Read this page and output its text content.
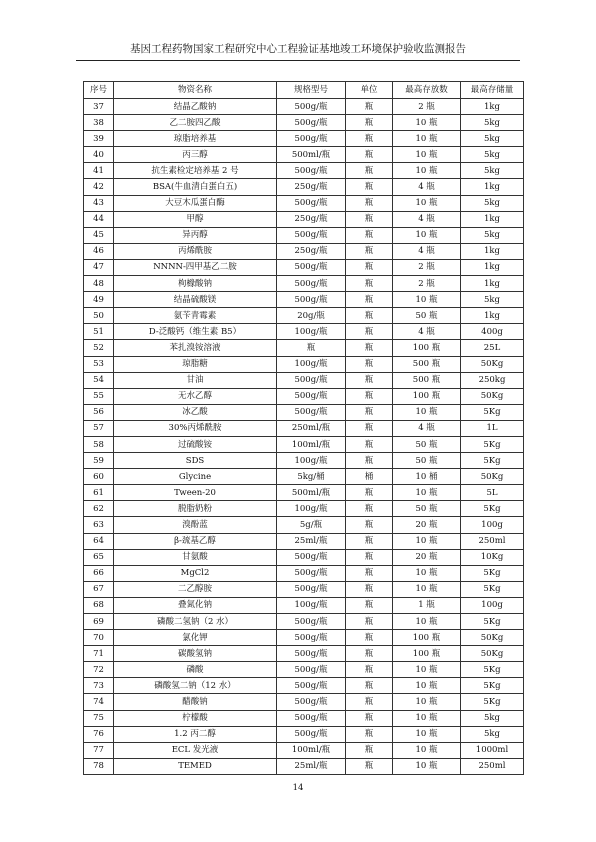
基因工程药物国家工程研究中心工程验证基地竣工环境保护验收监测报告
序号	物资名称	规格型号	单位	最高存放数	最高存储量
37	结晶乙酸钠	500g/瓶	瓶	2 瓶	1kg
38	乙二胺四乙酸	500g/瓶	瓶	10 瓶	5kg
39	琼脂培养基	500g/瓶	瓶	10 瓶	5kg
40	丙三醇	500ml/瓶	瓶	10 瓶	5kg
41	抗生素检定培养基 2 号	500g/瓶	瓶	10 瓶	5kg
42	BSA(牛血清白蛋白五)	250g/瓶	瓶	4 瓶	1kg
43	大豆木瓜蛋白酶	500g/瓶	瓶	10 瓶	5kg
44	甲醇	250g/瓶	瓶	4 瓶	1kg
45	异丙醇	500g/瓶	瓶	10 瓶	5kg
46	丙烯酰胺	250g/瓶	瓶	4 瓶	1kg
47	NNNN-四甲基乙二胺	500g/瓶	瓶	2 瓶	1kg
48	枸橼酸钠	500g/瓶	瓶	2 瓶	1kg
49	结晶硫酸镁	500g/瓶	瓶	10 瓶	5kg
50	氨苄青霉素	20g/瓶	瓶	50 瓶	1kg
51	D-泛酸钙（维生素 B5）	100g/瓶	瓶	4 瓶	400g
52	苯扎溴铵溶液	瓶	瓶	100 瓶	25L
53	琼脂糖	100g/瓶	瓶	500 瓶	50Kg
54	甘油	500g/瓶	瓶	500 瓶	250kg
55	无水乙醇	500g/瓶	瓶	100 瓶	50Kg
56	冰乙酸	500g/瓶	瓶	10 瓶	5Kg
57	30%丙烯酰胺	250ml/瓶	瓶	4 瓶	1L
58	过硫酸铵	100ml/瓶	瓶	50 瓶	5Kg
59	SDS	100g/瓶	瓶	50 瓶	5Kg
60	Glycine	5kg/桶	桶	10 桶	50Kg
61	Tween-20	500ml/瓶	瓶	10 瓶	5L
62	脱脂奶粉	100g/瓶	瓶	50 瓶	5Kg
63	溴酚蓝	5g/瓶	瓶	20 瓶	100g
64	β-巯基乙醇	25ml/瓶	瓶	10 瓶	250ml
65	甘氨酸	500g/瓶	瓶	20 瓶	10Kg
66	MgCl2	500g/瓶	瓶	10 瓶	5Kg
67	二乙醇胺	500g/瓶	瓶	10 瓶	5Kg
68	叠氮化钠	100g/瓶	瓶	1 瓶	100g
69	磷酸二氢钠（2 水）	500g/瓶	瓶	10 瓶	5Kg
70	氯化钾	500g/瓶	瓶	100 瓶	50Kg
71	碳酸氢钠	500g/瓶	瓶	100 瓶	50Kg
72	磷酸	500g/瓶	瓶	10 瓶	5Kg
73	磷酸氢二钠（12 水）	500g/瓶	瓶	10 瓶	5Kg
74	醋酸钠	500g/瓶	瓶	10 瓶	5Kg
75	柠檬酸	500g/瓶	瓶	10 瓶	5kg
76	1.2 丙二醇	500g/瓶	瓶	10 瓶	5kg
77	ECL 发光液	100ml/瓶	瓶	10 瓶	1000ml
78	TEMED	25ml/瓶	瓶	10 瓶	250ml
14
